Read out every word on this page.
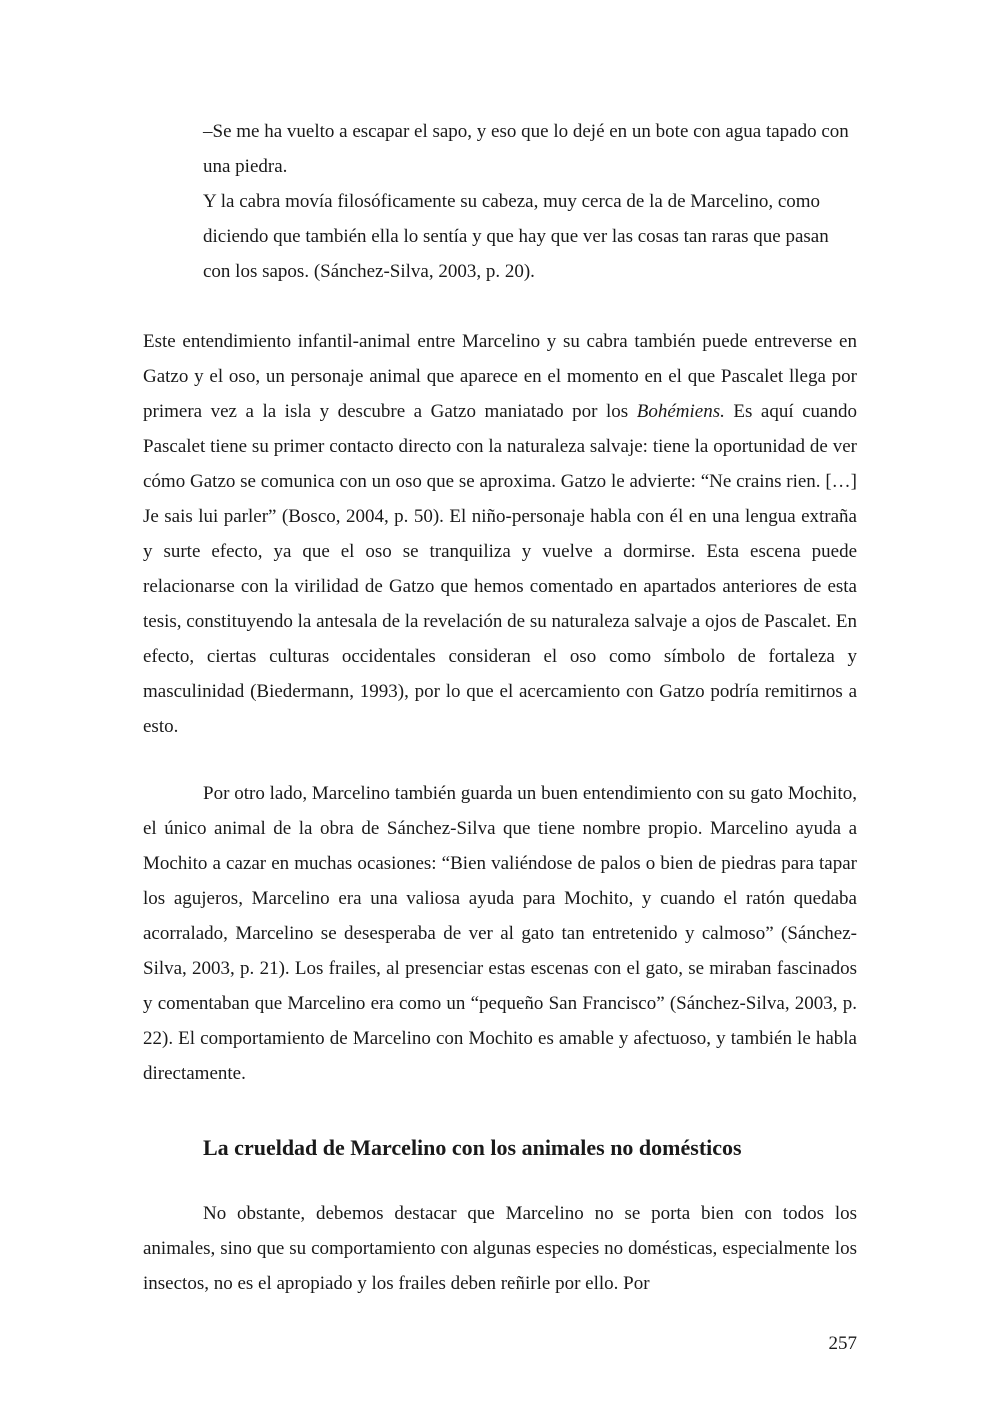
–Se me ha vuelto a escapar el sapo, y eso que lo dejé en un bote con agua tapado con una piedra.

Y la cabra movía filosóficamente su cabeza, muy cerca de la de Marcelino, como diciendo que también ella lo sentía y que hay que ver las cosas tan raras que pasan con los sapos. (Sánchez-Silva, 2003, p. 20).

Este entendimiento infantil-animal entre Marcelino y su cabra también puede entreverse en Gatzo y el oso, un personaje animal que aparece en el momento en el que Pascalet llega por primera vez a la isla y descubre a Gatzo maniatado por los Bohémiens. Es aquí cuando Pascalet tiene su primer contacto directo con la naturaleza salvaje: tiene la oportunidad de ver cómo Gatzo se comunica con un oso que se aproxima. Gatzo le advierte: “Ne crains rien. […] Je sais lui parler” (Bosco, 2004, p. 50). El niño-personaje habla con él en una lengua extraña y surte efecto, ya que el oso se tranquiliza y vuelve a dormirse. Esta escena puede relacionarse con la virilidad de Gatzo que hemos comentado en apartados anteriores de esta tesis, constituyendo la antesala de la revelación de su naturaleza salvaje a ojos de Pascalet. En efecto, ciertas culturas occidentales consideran el oso como símbolo de fortaleza y masculinidad (Biedermann, 1993), por lo que el acercamiento con Gatzo podría remitirnos a esto.

Por otro lado, Marcelino también guarda un buen entendimiento con su gato Mochito, el único animal de la obra de Sánchez-Silva que tiene nombre propio. Marcelino ayuda a Mochito a cazar en muchas ocasiones: “Bien valiéndose de palos o bien de piedras para tapar los agujeros, Marcelino era una valiosa ayuda para Mochito, y cuando el ratón quedaba acorralado, Marcelino se desesperaba de ver al gato tan entretenido y calmoso” (Sánchez-Silva, 2003, p. 21). Los frailes, al presenciar estas escenas con el gato, se miraban fascinados y comentaban que Marcelino era como un “pequeño San Francisco” (Sánchez-Silva, 2003, p. 22). El comportamiento de Marcelino con Mochito es amable y afectuoso, y también le habla directamente.

La crueldad de Marcelino con los animales no domésticos

No obstante, debemos destacar que Marcelino no se porta bien con todos los animales, sino que su comportamiento con algunas especies no domésticas, especialmente los insectos, no es el apropiado y los frailes deben reñirle por ello. Por

257
